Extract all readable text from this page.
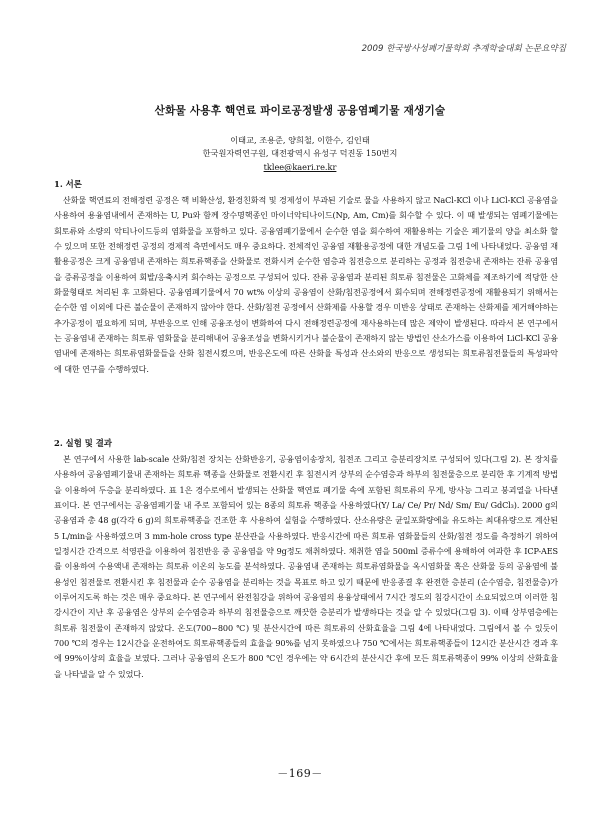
2009 한국방사성폐기물학회 추계학술대회 논문요약집
산화물 사용후 핵연료 파이로공정발생 공융염폐기물 재생기술
이태교, 조용준, 양희철, 이한수, 김인태
한국원자력연구원, 대전광역시 유성구 덕진동 150번지
tklee@kaeri.re.kr
1. 서론

산화물 핵연료의 전해정련 공정은 핵 비확산성, 환경친화적 및 경제성이 부과된 기술로 물을 사용하지 않고 NaCl-KCl 이나 LiCl-KCl 공융염을 사용하여 용융염내에서 존재하는 U, Pu와 함께 장수명핵종인 마이너악티나이드(Np, Am, Cm)를 회수할 수 있다. 이 때 발생되는 염폐기물에는 회토류와 소량의 악티나이드등의 염화물을 포함하고 있다. 공융염폐기물에서 순수한 염을 회수하여 재활용하는 기술은 폐기물의 양을 최소화 할 수 있으며 또한 전해정련 공정의 경제적 측면에서도 매우 중요하다. 전체적인 공융염 재활용공정에 대한 개념도를 그림 1에 나타내었다. 공융염 재활용공정은 크게 공융염내 존재하는 희토류핵종을 산화물로 전화시켜 순수한 염층과 침전층으로 분리하는 공정과 침전층내 존재하는 잔류 공융염을 증류공정을 이용하여 회발/응축시켜 회수하는 공정으로 구성되어 있다. 잔류 공융염과 분리된 희토류 침전물은 고화체를 제조하기에 적당한 산화물형태로 처리된 후 고화된다. 공융염폐기물에서 70 wt% 이상의 공융염이 산화/침전공정에서 회수되며 전해정련공정에 재활용되기 위해서는 순수한 염 이외에 다른 불순물이 존재하지 않아야 한다. 산화/침전 공정에서 산화제를 사용할 경우 미반응 상태로 존재하는 산화제를 제거해야하는 추가공정이 필요하게 되며, 부반응으로 인해 공융조성이 변화하여 다시 전해정련공정에 재사용하는데 많은 제약이 발생된다. 따라서 본 연구에서는 공융염내 존재하는 희토류 염화물을 분리해내어 공융조성을 변화시키거나 불순물이 존재하지 않는 방법인 산소가스를 이용하여 LiCl-KCl 공융염내에 존재하는 희토류염화물들을 산화 침전시켰으며, 반응온도에 따른 산화율 특성과 산소와의 반응으로 생성되는 희토류침전물들의 특성파악에 대한 연구를 수행하였다.

2. 실험 및 결과

본 연구에서 사용한 lab-scale 산화/침전 장치는 산화반응기, 공융염이송장치, 침전조 그리고 층분리장치로 구성되어 있다(그림 2). 본 장치를 사용하여 공융염폐기물내 존재하는 희토류 핵종을 산화물로 전환시킨 후 침전시켜 상부의 순수염층과 하부의 침전물층으로 분리한 후 기계적 방법을 이용하여 두층을 분리하였다. 표 1은 경수로에서 발생되는 산화물 핵연료 폐기물 속에 포함된 희토류의 무게, 방사능 그리고 붕괴열을 나타낸 표이다. 본 연구에서는 공융염폐기물 내 주로 포함되어 있는 8종의 희토류 핵종을 사용하였다(Y/ La/ Ce/ Pr/ Nd/ Sm/ Eu/ GdCl₃). 2000 g의 공융염과 총 48 g(각각 6 g)의 희토류핵종을 건조한 후 사용하여 실험을 수행하였다. 산소유량은 균일포화량에을 유도하는 최대유량으로 계산된 5 L/min을 사용하였으며 3 mm-hole cross type 분산관을 사용하였다. 반응시간에 따른 희토류 염화물들의 산화/침전 정도를 측정하기 위하여 일정시간 간격으로 석영관을 이용하여 침전반응 중 공융염을 약 9g정도 채취하였다. 채취한 염을 500ml 증류수에 용해하여 여과한 후 ICP-AES를 이용하여 수용액내 존재하는 희토류 이온의 농도를 분석하였다. 공융염내 존재하는 희토류염화물을 옥시염화물 혹은 산화물 등의 공융염에 불용성인 침전물로 전환시킨 후 침전물과 순수 공융염을 분리하는 것을 목표로 하고 있기 때문에 반응종결 후 완전한 층분리 (순수염층, 침전물층)가 이루어지도록 하는 것은 매우 중요하다. 본 연구에서 완전침강을 위하여 공융염의 용융상태에서 7시간 정도의 침강시간이 소요되었으며 이러한 침강시간이 지난 후 공융염은 상부의 순수염층과 하부의 침전물층으로 깨끗한 층분리가 발생하다는 것을 알 수 있었다(그림 3). 이때 상부염층에는 희토류 침전물이 존재하지 않았다. 온도(700~800 ℃) 및 분산시간에 따른 희토류의 산화효율을 그림 4에 나타내었다. 그림에서 볼 수 있듯이 700 ℃의 경우는 12시간을 운전하여도 희토류핵종들의 효율을 90%를 넘지 못하였으나 750 ℃에서는 희토류핵종들이 12시간 분산시간 경과 후에 99%이상의 효율을 보였다. 그러나 공융염의 온도가 800 ℃인 경우에는 약 6시간의 분산시간 후에 모든 희토류핵종이 99% 이상의 산화효율을 나타낼을 알 수 있었다.

－169－
